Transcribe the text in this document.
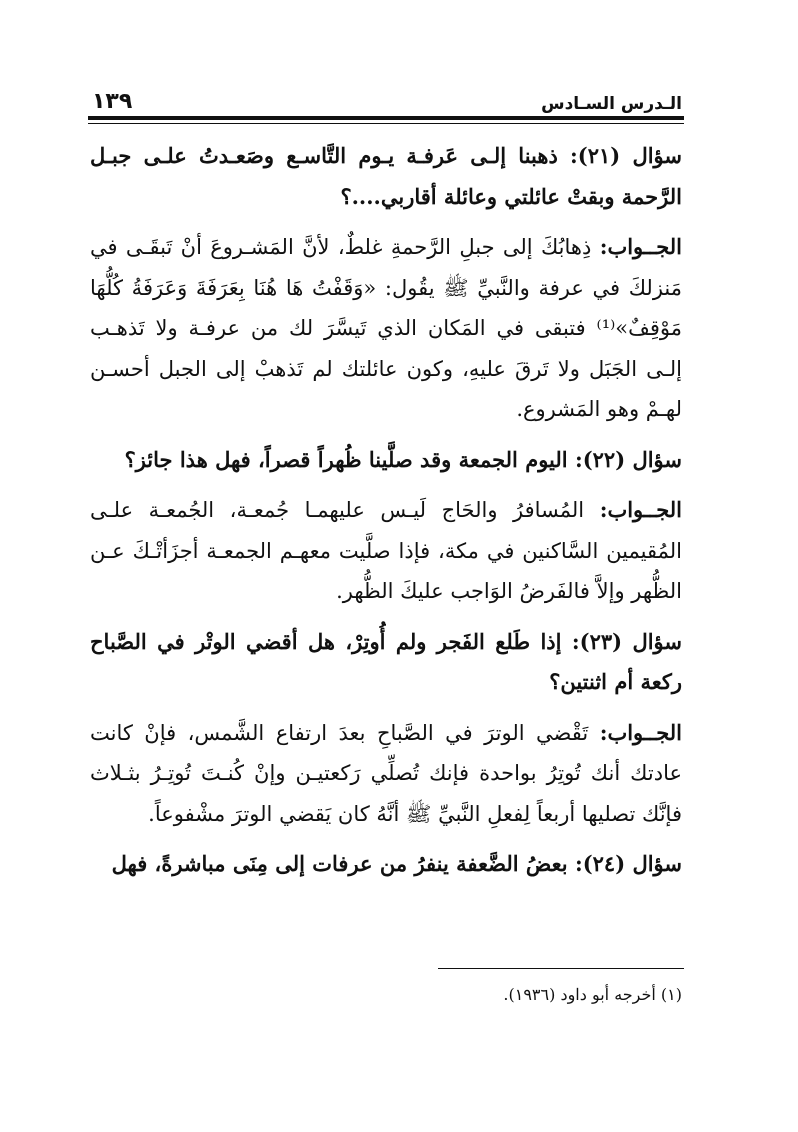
الـدرس السـادس
١٣٩

سؤال (٢١): ذهبنا إلـى عَرفـة يـوم التَّاسـع وصَعـدتُ علـى جبـل الرَّحمة وبقتْ عائلتي وعائلة أقاربي....؟

الجــواب: ذِهابُكَ إلى جبلِ الرَّحمةِ غلطٌ، لأنَّ المَشـروعَ أنْ تَبقَـى في مَنزلكَ في عرفة والنَّبيِّ ﷺ يقُول: «وَقَفْتُ هَا هُنَا بِعَرَفَةَ وَعَرَفَةُ كُلُّهَا مَوْقِفٌ»⁽¹⁾ فتبقى في المَكان الذي تَيسَّرَ لك من عرفـة ولا تَذهـب إلـى الجَبَل ولا تَرقَ عليهِ، وكون عائلتك لم تَذهبْ إلى الجبل أحسـن لهـمْ وهو المَشروع.

سؤال (٢٢): اليوم الجمعة وقد صلَّينا ظُهراً قصراً، فهل هذا جائز؟

الجــواب: المُسافرُ والحَاج لَيـس عليهمـا جُمعـة، الجُمعـة علـى المُقيمين السَّاكنين في مكة، فإذا صلَّيت معهـم الجمعـة أجزَأتْـكَ عـن الظُّهر وإلاَّ فالفَرضُ الوَاجب عليكَ الظُّهر.

سؤال (٢٣): إذا طَلع الفَجر ولم أُوتِرْ، هل أقضي الوتْر في الصَّباح ركعة أم اثنتين؟

الجــواب: تَقْضي الوترَ في الصَّباحِ بعدَ ارتفاع الشَّمس، فإنْ كانت عادتك أنك تُوتِرُ بواحدة فإنك تُصلِّي رَكعتيـن وإنْ كُنـتَ تُوتِـرُ بثـلاث فإنَّك تصليها أربعاً لِفعلِ النَّبيِّ ﷺ أنَّهُ كان يَقضي الوترَ مشْفوعاً.

سؤال (٢٤): بعضُ الضَّعفة ينفرُ من عرفات إلى مِنَى مباشرةً، فهل

(١) أخرجه أبو داود (١٩٣٦).
